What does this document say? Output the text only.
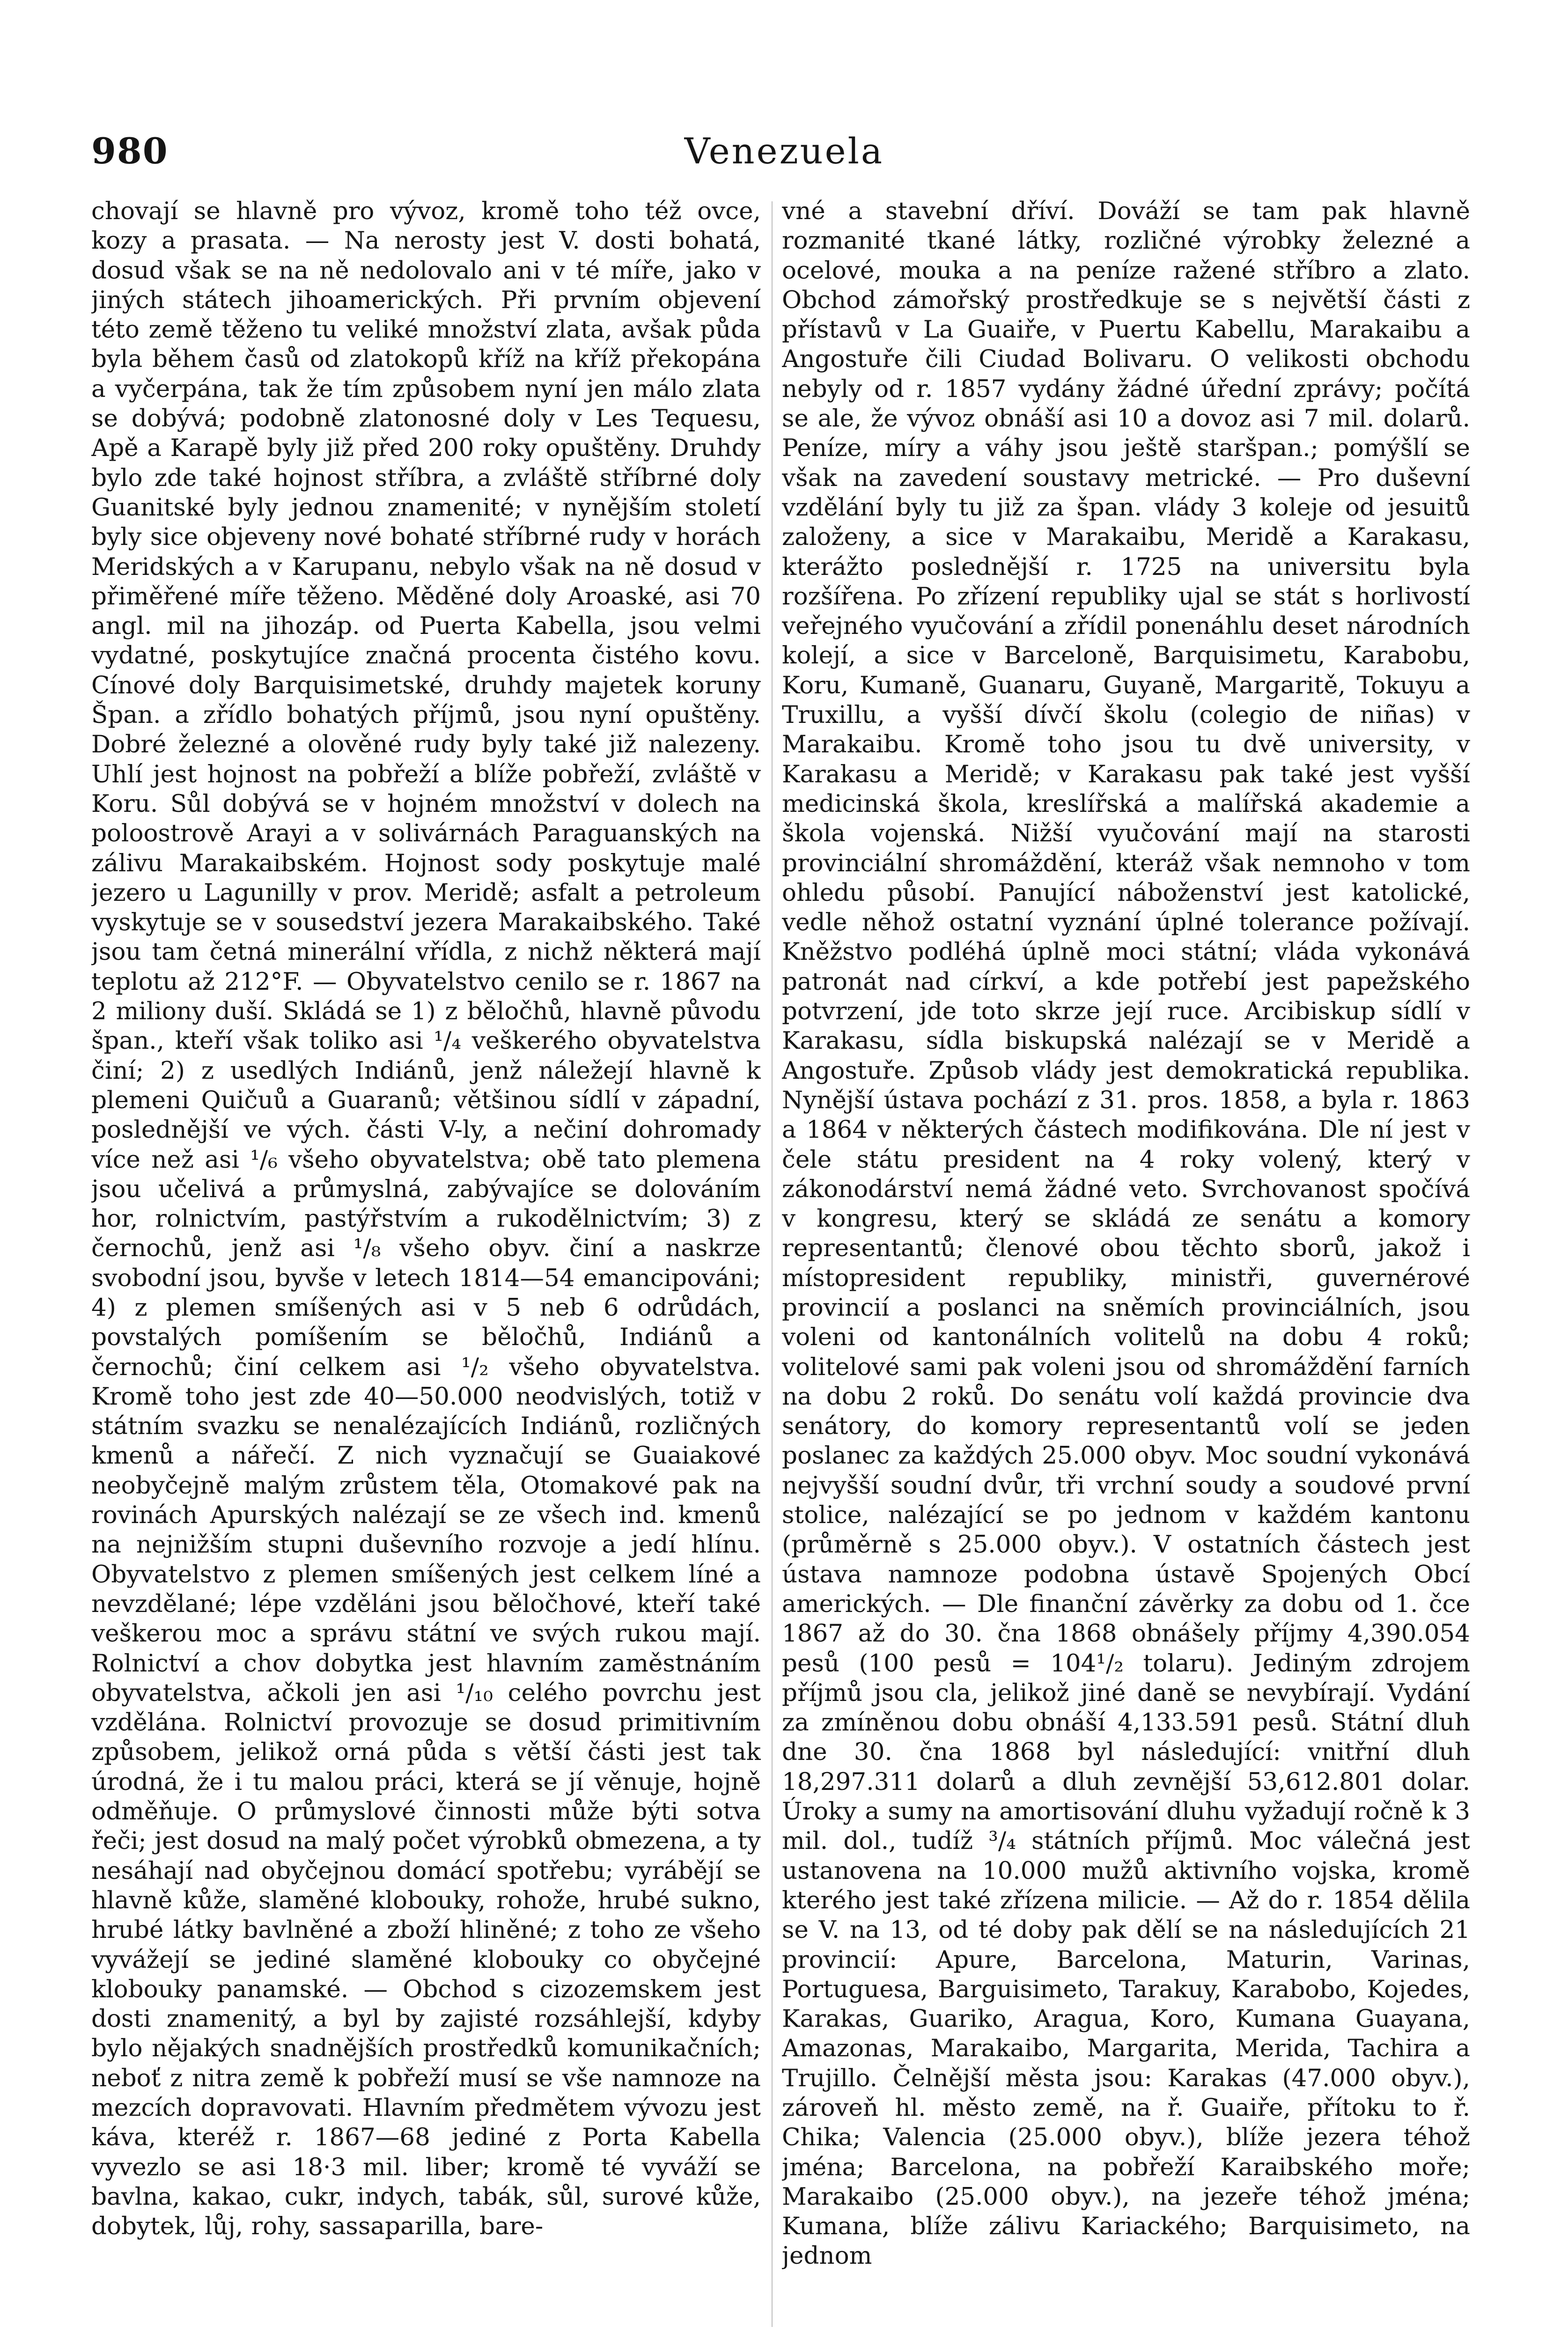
980	Venezuela

chovají se hlavně pro vývoz, kromě toho též ovce, kozy a prasata. — Na nerosty jest V. dosti bohatá, dosud však se na ně nedolovalo ani v té míře, jako v jiných státech jihoamerických. Při prvním objevení této země těženo tu veliké množství zlata, avšak půda byla během časů od zlatokopů kříž na kříž překopána a vyčerpána, tak že tím způsobem nyní jen málo zlata se dobývá; podobně zlatonosné doly v Les Tequesu, Apě a Karapě byly již před 200 roky opuštěny. Druhdy bylo zde také hojnost stříbra, a zvláště stříbrné doly Guanitské byly jednou znamenité; v nynějším století byly sice objeveny nové bohaté stříbrné rudy v horách Meridských a v Karupanu, nebylo však na ně dosud v přiměřené míře těženo. Měděné doly Aroaské, asi 70 angl. mil na jihozáp. od Puerta Kabella, jsou velmi vydatné, poskytujíce značná procenta čistého kovu. Cínové doly Barquisimetské, druhdy majetek koruny Špan. a zřídlo bohatých příjmů, jsou nyní opuštěny. Dobré železné a olověné rudy byly také již nalezeny. Uhlí jest hojnost na pobřeží a blíže pobřeží, zvláště v Koru. Sůl dobývá se v hojném množství v dolech na poloostrově Arayi a v solivárnách Paraguanských na zálivu Marakaibském. Hojnost sody poskytuje malé jezero u Lagunilly v prov. Meridě; asfalt a petroleum vyskytuje se v sousedství jezera Marakaibského. Také jsou tam četná minerální vřídla, z nichž některá mají teplotu až 212°F. — Obyvatelstvo cenilo se r. 1867 na 2 miliony duší. Skládá se 1) z běločhů, hlavně původu špan., kteří však toliko asi ¹/₄ veškerého obyvatelstva činí; 2) z usedlých Indiánů, jenž náležejí hlavně k plemeni Quičuů a Guaranů; většinou sídlí v západní, poslednější ve vých. části V-ly, a nečiní dohromady více než asi ¹/₆ všeho obyvatelstva; obě tato plemena jsou učelivá a průmyslná, zabývajíce se dolováním hor, rolnictvím, pastýřstvím a rukodělnictvím; 3) z černochů, jenž asi ¹/₈ všeho obyv. činí a naskrze svobodní jsou, byvše v letech 1814—54 emancipováni; 4) z plemen smíšených asi v 5 neb 6 odrůdách, povstalých pomíšením se běločhů, Indiánů a černochů; činí celkem asi ¹/₂ všeho obyvatelstva. Kromě toho jest zde 40—50.000 neodvislých, totiž v státním svazku se nenalézajících Indiánů, rozličných kmenů a nářečí. Z nich vyznačují se Guaiakové neobyčejně malým zrůstem těla, Otomakové pak na rovinách Apurských nalézají se ze všech ind. kmenů na nejnižším stupni duševního rozvoje a jedí hlínu. Obyvatelstvo z plemen smíšených jest celkem líné a nevzdělané; lépe vzděláni jsou běločhové, kteří také veškerou moc a správu státní ve svých rukou mají. Rolnictví a chov dobytka jest hlavním zaměstnáním obyvatelstva, ačkoli jen asi ¹/₁₀ celého povrchu jest vzdělána. Rolnictví provozuje se dosud primitivním způsobem, jelikož orná půda s větší části jest tak úrodná, že i tu malou práci, která se jí věnuje, hojně odměňuje. O průmyslové činnosti může býti sotva řeči; jest dosud na malý počet výrobků obmezena, a ty nesáhají nad obyčejnou domácí spotřebu; vyrábějí se hlavně kůže, slaměné klobouky, rohože, hrubé sukno, hrubé látky bavlněné a zboží hliněné; z toho ze všeho vyvážejí se jediné slaměné klobouky co obyčejné klobouky panamské. — Obchod s cizozemskem jest dosti znamenitý, a byl by zajisté rozsáhlejší, kdyby bylo nějakých snadnějších prostředků komunikačních; neboť z nitra země k pobřeží musí se vše namnoze na mezcích dopravovati. Hlavním předmětem vývozu jest káva, kteréž r. 1867—68 jediné z Porta Kabella vyvezlo se asi 18·3 mil. liber; kromě té vyváží se bavlna, kakao, cukr, indych, tabák, sůl, surové kůže, dobytek, lůj, rohy, sassaparilla, bare-

vné a stavební dříví. Dováží se tam pak hlavně rozmanité tkané látky, rozličné výrobky železné a ocelové, mouka a na peníze ražené stříbro a zlato. Obchod zámořský prostředkuje se s největší části z přístavů v La Guaiře, v Puertu Kabellu, Marakaibu a Angostuře čili Ciudad Bolivaru. O velikosti obchodu nebyly od r. 1857 vydány žádné úřední zprávy; počítá se ale, že vývoz obnáší asi 10 a dovoz asi 7 mil. dolarů. Peníze, míry a váhy jsou ještě staršpan.; pomýšlí se však na zavedení soustavy metrické. — Pro duševní vzdělání byly tu již za špan. vlády 3 koleje od jesuitů založeny, a sice v Marakaibu, Meridě a Karakasu, kterážto poslednější r. 1725 na universitu byla rozšířena. Po zřízení republiky ujal se stát s horlivostí veřejného vyučování a zřídil ponenáhlu deset národních kolejí, a sice v Barceloně, Barquisimetu, Karabobu, Koru, Kumaně, Guanaru, Guyaně, Margaritě, Tokuyu a Truxillu, a vyšší dívčí školu (colegio de niñas) v Marakaibu. Kromě toho jsou tu dvě university, v Karakasu a Meridě; v Karakasu pak také jest vyšší medicinská škola, kreslířská a malířská akademie a škola vojenská. Nižší vyučování mají na starosti provinciální shromáždění, kteráž však nemnoho v tom ohledu působí. Panující náboženství jest katolické, vedle něhož ostatní vyznání úplné tolerance požívají. Kněžstvo podléhá úplně moci státní; vláda vykonává patronát nad církví, a kde potřebí jest papežského potvrzení, jde toto skrze její ruce. Arcibiskup sídlí v Karakasu, sídla biskupská nalézají se v Meridě a Angostuře. Způsob vlády jest demokratická republika. Nynější ústava pochází z 31. pros. 1858, a byla r. 1863 a 1864 v některých částech modifikována. Dle ní jest v čele státu president na 4 roky volený, který v zákonodárství nemá žádné veto. Svrchovanost spočívá v kongresu, který se skládá ze senátu a komory representantů; členové obou těchto sborů, jakož i místopresident republiky, ministři, guvernérové provincií a poslanci na sněmích provinciálních, jsou voleni od kantonálních volitelů na dobu 4 roků; volitelové sami pak voleni jsou od shromáždění farních na dobu 2 roků. Do senátu volí každá provincie dva senátory, do komory representantů volí se jeden poslanec za každých 25.000 obyv. Moc soudní vykonává nejvyšší soudní dvůr, tři vrchní soudy a soudové první stolice, nalézající se po jednom v každém kantonu (průměrně s 25.000 obyv.). V ostatních částech jest ústava namnoze podobna ústavě Spojených Obcí amerických. — Dle finanční závěrky za dobu od 1. čce 1867 až do 30. čna 1868 obnášely příjmy 4,390.054 pesů (100 pesů = 104¹/₂ tolaru). Jediným zdrojem příjmů jsou cla, jelikož jiné daně se nevybírají. Vydání za zmíněnou dobu obnáší 4,133.591 pesů. Státní dluh dne 30. čna 1868 byl následující: vnitřní dluh 18,297.311 dolarů a dluh zevnější 53,612.801 dolar. Úroky a sumy na amortisování dluhu vyžadují ročně k 3 mil. dol., tudíž ³/₄ státních příjmů. Moc válečná jest ustanovena na 10.000 mužů aktivního vojska, kromě kterého jest také zřízena milicie. — Až do r. 1854 dělila se V. na 13, od té doby pak dělí se na následujících 21 provincií: Apure, Barcelona, Maturin, Varinas, Portuguesa, Barguisimeto, Tarakuy, Karabobo, Kojedes, Karakas, Guariko, Aragua, Koro, Kumana Guayana, Amazonas, Marakaibo, Margarita, Merida, Tachira a Trujillo. Čelnější města jsou: Karakas (47.000 obyv.), zároveň hl. město země, na ř. Guaiře, přítoku to ř. Chika; Valencia (25.000 obyv.), blíže jezera téhož jména; Barcelona, na pobřeží Karaibského moře; Marakaibo (25.000 obyv.), na jezeře téhož jména; Kumana, blíže zálivu Kariackého; Barquisimeto, na jednom
